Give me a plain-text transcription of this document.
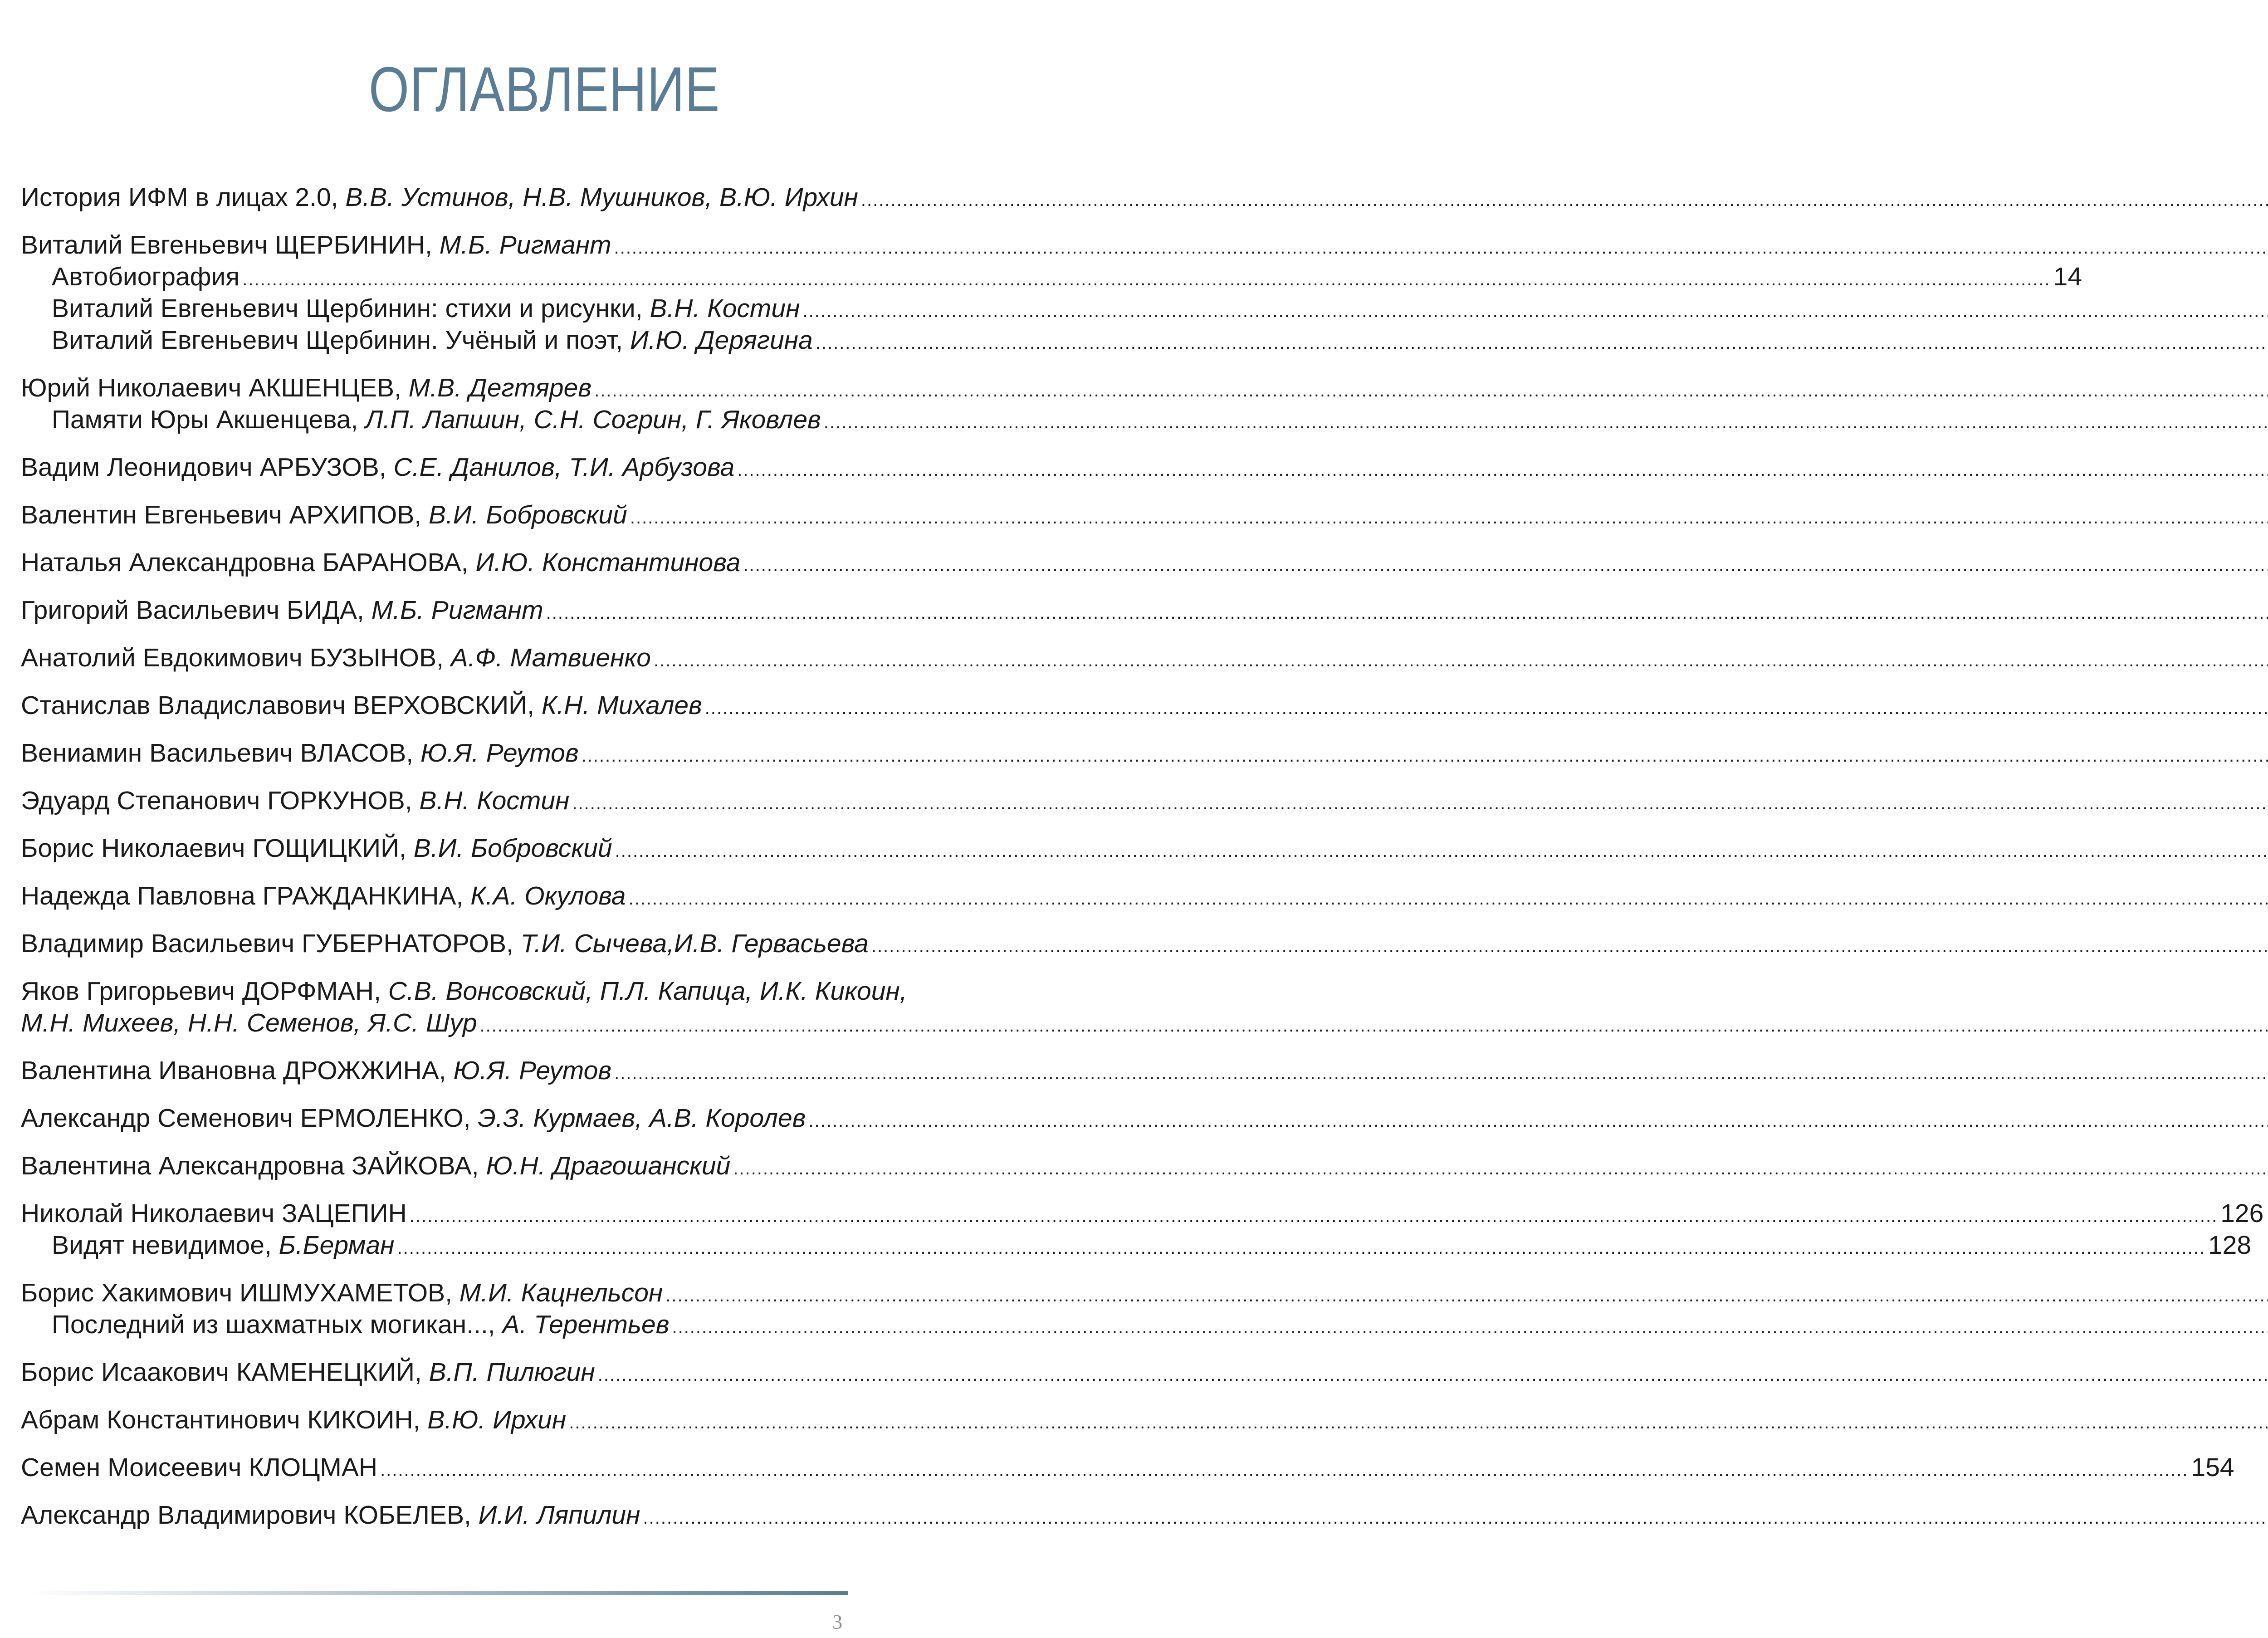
ОГЛАВЛЕНИЕ
История ИФМ в лицах 2.0, В.В. Устинов, Н.В. Мушников, В.Ю. Ирхин
.....
Виталий Евгеньевич ЩЕРБИНИН, М.Б. Ригмант
.....
Автобиография .....	14
Виталий Евгеньевич Щербинин: стихи и рисунки, В.Н. Костин
.....
Виталий Евгеньевич Щербинин. Учёный и поэт, И.Ю. Дерягина
.....
Юрий Николаевич АКШЕНЦЕВ, М.В. Дегтярев
.....
Памяти Юры Акшенцева, Л.П. Лапшин, С.Н. Согрин, Г. Яковлев
.....
Вадим Леонидович АРБУЗОВ, С.Е. Данилов, Т.И. Арбузова
.....
Валентин Евгеньевич АРХИПОВ, В.И. Бобровский
.....
Наталья Александровна БАРАНОВА, И.Ю. Константинова
.....
Григорий Васильевич БИДА, М.Б. Ригмант
.....
Анатолий Евдокимович БУЗЫНОВ, А.Ф. Матвиенко
.....
Станислав Владиславович ВЕРХОВСКИЙ, К.Н. Михалев
.....
Вениамин Васильевич ВЛАСОВ, Ю.Я. Реутов
.....
Эдуард Степанович ГОРКУНОВ, В.Н. Костин
.....
Борис Николаевич ГОЩИЦКИЙ, В.И. Бобровский
.....
Надежда Павловна ГРАЖДАНКИНА, К.А. Окулова
.....
Владимир Васильевич ГУБЕРНАТОРОВ, Т.И. Сычева,И.В. Гервасьева
.....
Яков Григорьевич ДОРФМАН, С.В. Вонсовский, П.Л. Капица, И.К. Кикоин,
М.Н. Михеев, Н.Н. Семенов, Я.С. Шур
.....
Валентина Ивановна ДРОЖЖИНА, Ю.Я. Реутов
.....
Александр Семенович ЕРМОЛЕНКО, Э.З. Курмаев, А.В. Королев
.....
Валентина Александровна ЗАЙКОВА, Ю.Н. Драгошанский
.....
Николай Николаевич ЗАЦЕПИН .....	126
Видят невидимое, Б.Берман .....	128
Борис Хакимович ИШМУХАМЕТОВ, М.И. Кацнельсон
.....
Последний из шахматных могикан..., А. Терентьев
.....
Борис Исаакович КАМЕНЕЦКИЙ, В.П. Пилюгин
.....
Абрам Константинович КИКОИН, В.Ю. Ирхин
.....
Семен Моисеевич КЛОЦМАН .....	154
Александр Владимирович КОБЕЛЕВ, И.И. Ляпилин
.....
3
